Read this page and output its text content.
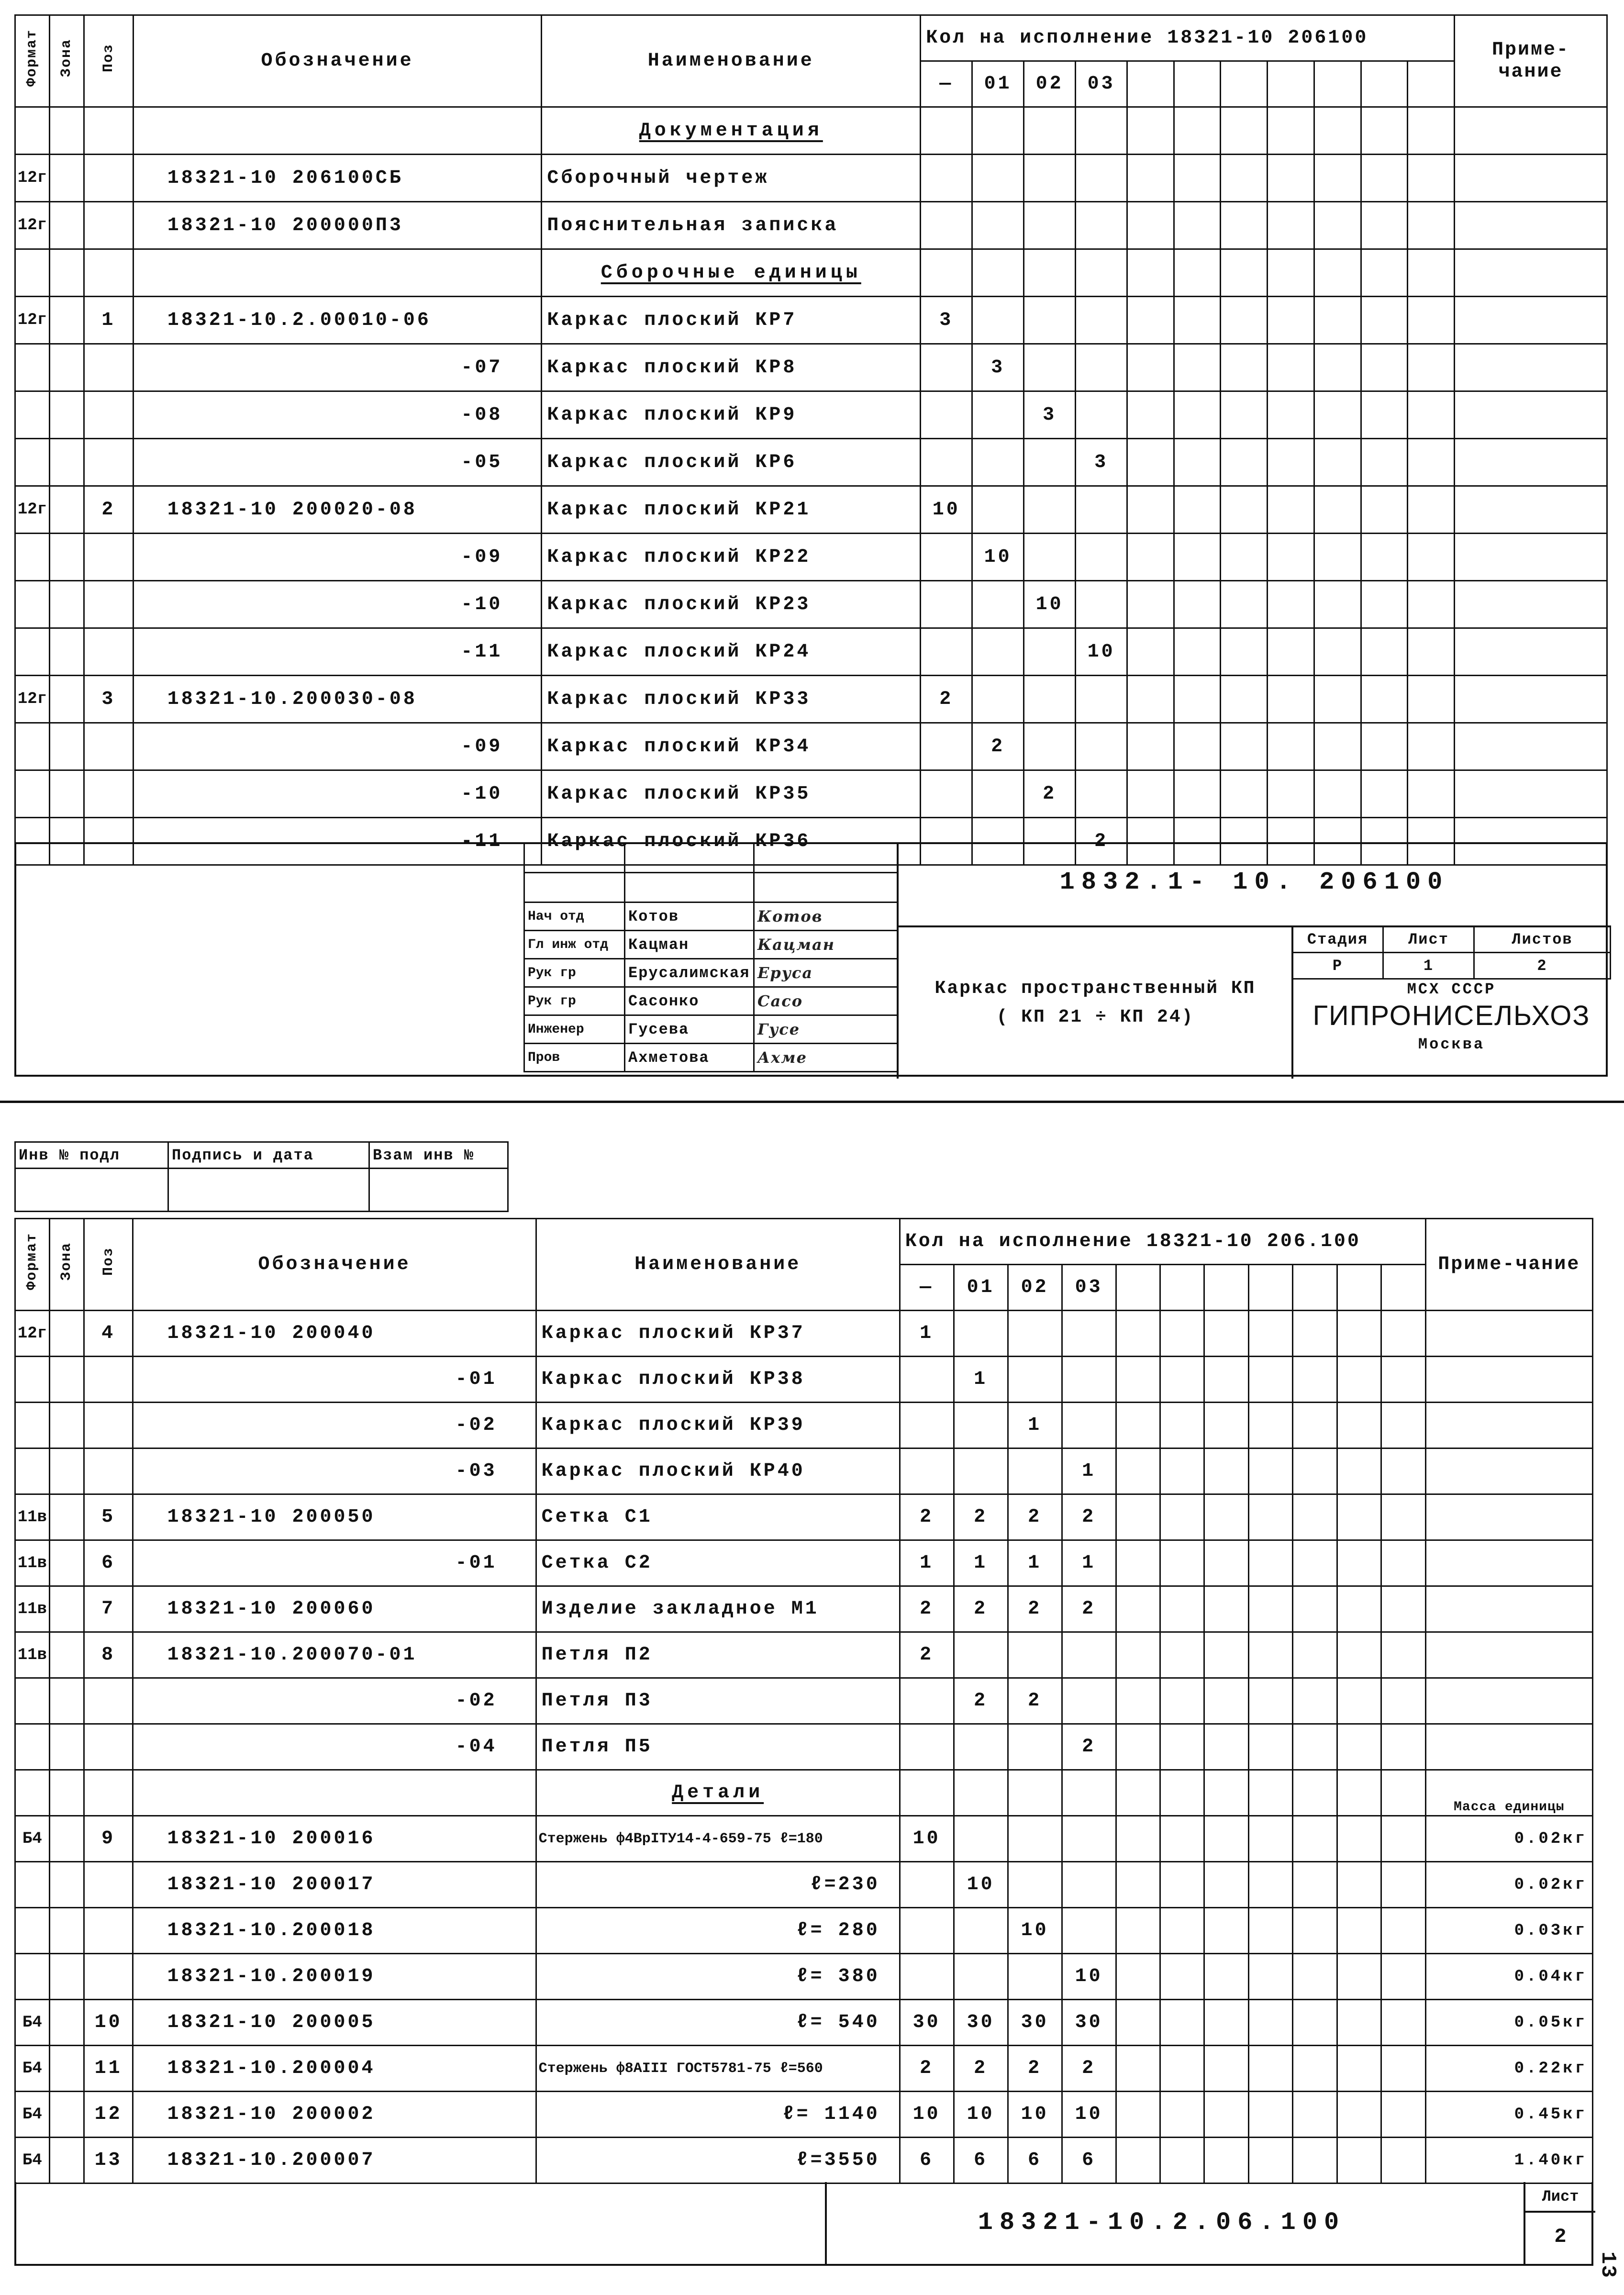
Формат	Зона	Поз	Обозначение	Наименование	Кол на исполнение 18321-10 206100											Приме-чание
					—	01	02	03								
				Документация												
12г			18321-10 206100СБ	Сборочный чертеж												
12г			18321-10 200000П3	Пояснительная записка												
				Сборочные единицы												
12г		1	18321-10.2.00010-06	Каркас плоский КР7	3											
			-07	Каркас плоский КР8		3										
			-08	Каркас плоский КР9			3									
			-05	Каркас плоский КР6				3								
12г		2	18321-10 200020-08	Каркас плоский КР21	10											
			-09	Каркас плоский КР22		10										
			-10	Каркас плоский КР23			10									
			-11	Каркас плоский КР24				10								
12г		3	18321-10.200030-08	Каркас плоский КР33	2											
			-09	Каркас плоский КР34		2										
			-10	Каркас плоский КР35			2									
			-11	Каркас плоский КР36				2								

Нач отд	Котов	Котов
Гл инж отд	Кацман	Кацман
Рук гр	Ерусалимская	Еруса
Рук гр	Сасонко	Сасо
Инженер	Гусева	Гусе
Пров	Ахметова	Ахме
1832.1- 10. 206100
Каркас пространственный КП
( КП 21 ÷ КП 24)
Стадия	Лист	Листов
Р	1	2
МСХ СССР
ГИПРОНИСЕЛЬХОЗ
Москва
Инв № подл	Подпись и дата	Взам инв №

Формат	Зона	Поз	Обозначение	Наименование	Кол на исполнение 18321-10 206.100											Приме-чание
					—	01	02	03								
12г		4	18321-10 200040	Каркас плоский КР37	1											
			-01	Каркас плоский КР38		1										
			-02	Каркас плоский КР39			1									
			-03	Каркас плоский КР40				1								
11в		5	18321-10 200050	Сетка С1	2	2	2	2								
11в		6	-01	Сетка С2	1	1	1	1								
11в		7	18321-10 200060	Изделие закладное М1	2	2	2	2								
11в		8	18321-10.200070-01	Петля П2	2											
			-02	Петля П3		2	2									
			-04	Петля П5				2								
				Детали												Масса единицы
Б4		9	18321-10 200016	Стержень ф4ВрIТУ14-4-659-75 ℓ=180	10											0.02кг
			18321-10 200017	ℓ=230		10										0.02кг
			18321-10.200018	ℓ= 280			10									0.03кг
			18321-10.200019	ℓ= 380				10								0.04кг
Б4		10	18321-10 200005	ℓ= 540	30	30	30	30								0.05кг
Б4		11	18321-10.200004	Стержень ф8АIII ГОСТ5781-75 ℓ=560	2	2	2	2								0.22кг
Б4		12	18321-10 200002	ℓ= 1140	10	10	10	10								0.45кг
Б4		13	18321-10.200007	ℓ=3550	6	6	6	6								1.40кг
18321-10.2.06.100
Лист
2
13
